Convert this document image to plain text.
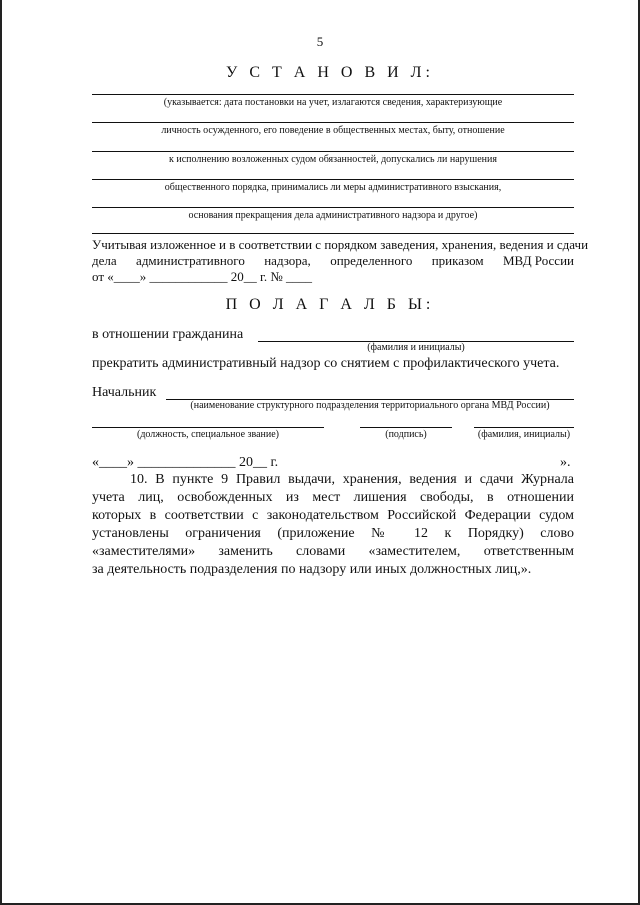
5
У С Т А Н О В И Л:
(указывается: дата постановки на учет, излагаются сведения, характеризующие
личность осужденного, его поведение в общественных местах, быту, отношение
к исполнению возложенных судом обязанностей, допускались ли нарушения
общественного порядка, принимались ли меры административного взыскания,
основания прекращения дела административного надзора и другое)
Учитывая изложенное и в соответствии с порядком заведения, хранения, ведения и сдачи
дела административного надзора, определенного приказом МВД России
от «____» ____________ 20__ г. № ____
П О Л А Г А Л Б Ы:
в отношении гражданина
(фамилия и инициалы)
прекратить административный надзор со снятием с профилактического учета.
Начальник
(наименование структурного подразделения территориального органа МВД России)
(должность, специальное звание)	(подпись)	(фамилия, инициалы)
«____» ______________ 20__ г.	».
10. В пункте 9 Правил выдачи, хранения, ведения и сдачи Журнала
учета лиц, освобожденных из мест лишения свободы, в отношении
которых в соответствии с законодательством Российской Федерации судом
установлены ограничения (приложение № 12 к Порядку) слово
«заместителями» заменить словами «заместителем, ответственным
за деятельность подразделения по надзору или иных должностных лиц,».
